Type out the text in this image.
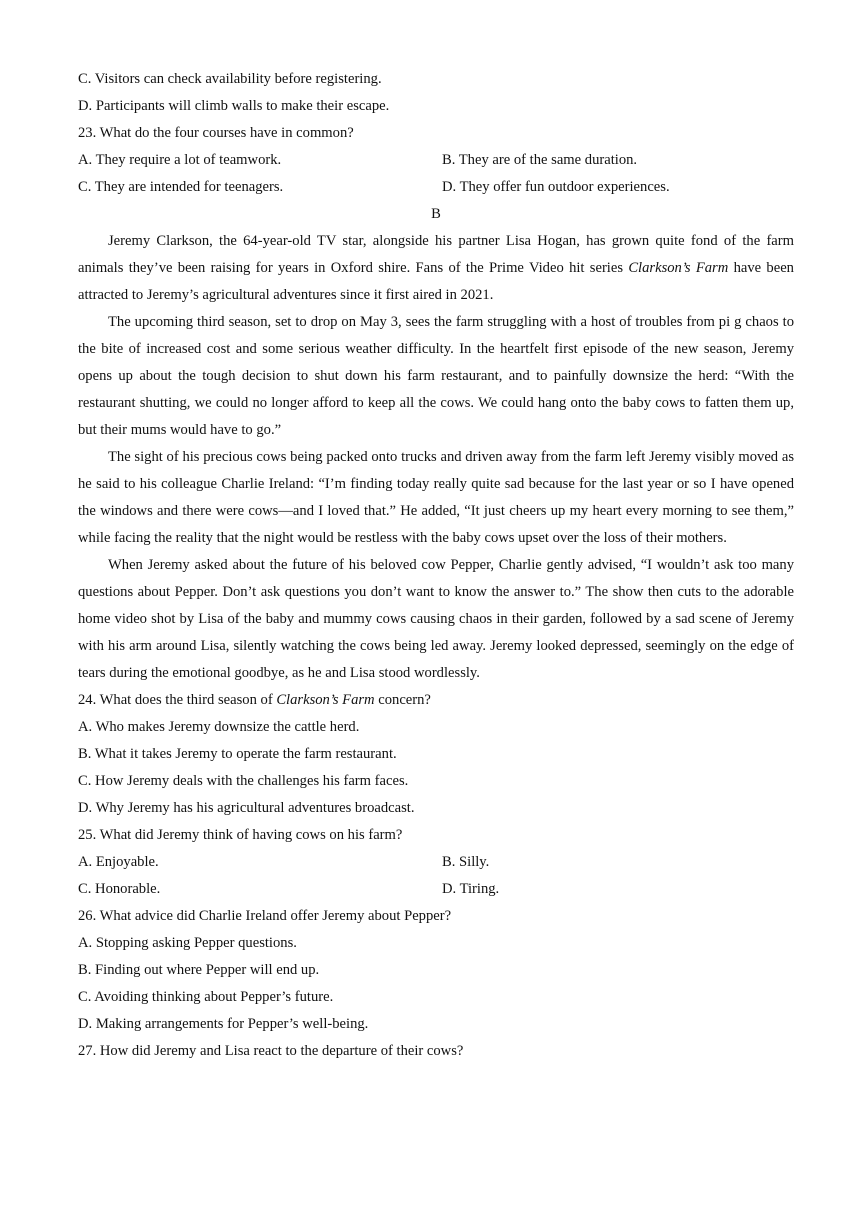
C. Visitors can check availability before registering.
D. Participants will climb walls to make their escape.
23. What do the four courses have in common?
A. They require a lot of teamwork.	B. They are of the same duration.
C. They are intended for teenagers.	D. They offer fun outdoor experiences.
B
Jeremy Clarkson, the 64-year-old TV star, alongside his partner Lisa Hogan, has grown quite fond of the farm animals they’ve been raising for years in Oxford shire. Fans of the Prime Video hit series Clarkson’s Farm have been attracted to Jeremy’s agricultural adventures since it first aired in 2021.
The upcoming third season, set to drop on May 3, sees the farm struggling with a host of troubles from pi g chaos to the bite of increased cost and some serious weather difficulty. In the heartfelt first episode of the new season, Jeremy opens up about the tough decision to shut down his farm restaurant, and to painfully downsize the herd: “With the restaurant shutting, we could no longer afford to keep all the cows. We could hang onto the baby cows to fatten them up, but their mums would have to go.”
The sight of his precious cows being packed onto trucks and driven away from the farm left Jeremy visibly moved as he said to his colleague Charlie Ireland: “I’m finding today really quite sad because for the last year or so I have opened the windows and there were cows—and I loved that.” He added, “It just cheers up my heart every morning to see them,” while facing the reality that the night would be restless with the baby cows upset over the loss of their mothers.
When Jeremy asked about the future of his beloved cow Pepper, Charlie gently advised, “I wouldn’t ask too many questions about Pepper. Don’t ask questions you don’t want to know the answer to.” The show then cuts to the adorable home video shot by Lisa of the baby and mummy cows causing chaos in their garden, followed by a sad scene of Jeremy with his arm around Lisa, silently watching the cows being led away. Jeremy looked depressed, seemingly on the edge of tears during the emotional goodbye, as he and Lisa stood wordlessly.
24. What does the third season of Clarkson’s Farm concern?
A. Who makes Jeremy downsize the cattle herd.
B. What it takes Jeremy to operate the farm restaurant.
C. How Jeremy deals with the challenges his farm faces.
D. Why Jeremy has his agricultural adventures broadcast.
25. What did Jeremy think of having cows on his farm?
A. Enjoyable.	B. Silly.
C. Honorable.	D. Tiring.
26. What advice did Charlie Ireland offer Jeremy about Pepper?
A. Stopping asking Pepper questions.
B. Finding out where Pepper will end up.
C. Avoiding thinking about Pepper’s future.
D. Making arrangements for Pepper’s well-being.
27. How did Jeremy and Lisa react to the departure of their cows?
